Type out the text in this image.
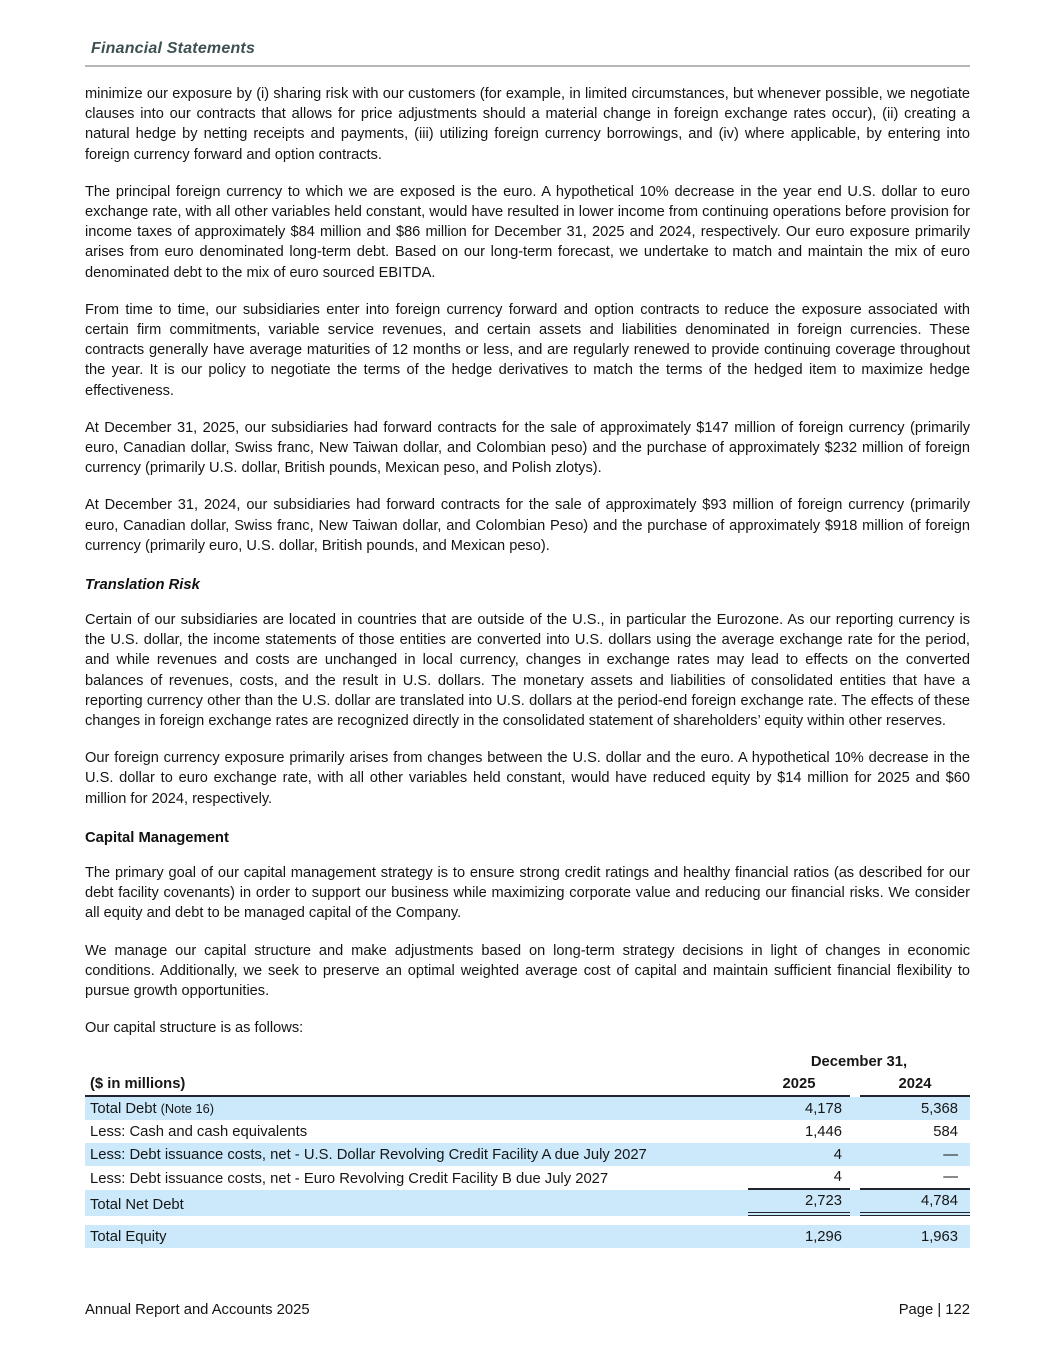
Financial Statements

minimize our exposure by (i) sharing risk with our customers (for example, in limited circumstances, but whenever possible, we negotiate clauses into our contracts that allows for price adjustments should a material change in foreign exchange rates occur), (ii) creating a natural hedge by netting receipts and payments, (iii) utilizing foreign currency borrowings, and (iv) where applicable, by entering into foreign currency forward and option contracts.

The principal foreign currency to which we are exposed is the euro. A hypothetical 10% decrease in the year end U.S. dollar to euro exchange rate, with all other variables held constant, would have resulted in lower income from continuing operations before provision for income taxes of approximately $84 million and $86 million for December 31, 2025 and 2024, respectively. Our euro exposure primarily arises from euro denominated long-term debt. Based on our long-term forecast, we undertake to match and maintain the mix of euro denominated debt to the mix of euro sourced EBITDA.

From time to time, our subsidiaries enter into foreign currency forward and option contracts to reduce the exposure associated with certain firm commitments, variable service revenues, and certain assets and liabilities denominated in foreign currencies. These contracts generally have average maturities of 12 months or less, and are regularly renewed to provide continuing coverage throughout the year. It is our policy to negotiate the terms of the hedge derivatives to match the terms of the hedged item to maximize hedge effectiveness.

At December 31, 2025, our subsidiaries had forward contracts for the sale of approximately $147 million of foreign currency (primarily euro, Canadian dollar, Swiss franc, New Taiwan dollar, and Colombian peso) and the purchase of approximately $232 million of foreign currency (primarily U.S. dollar, British pounds, Mexican peso, and Polish zlotys).

At December 31, 2024, our subsidiaries had forward contracts for the sale of approximately $93 million of foreign currency (primarily euro, Canadian dollar, Swiss franc, New Taiwan dollar, and Colombian Peso) and the purchase of approximately $918 million of foreign currency (primarily euro, U.S. dollar, British pounds, and Mexican peso).

Translation Risk

Certain of our subsidiaries are located in countries that are outside of the U.S., in particular the Eurozone. As our reporting currency is the U.S. dollar, the income statements of those entities are converted into U.S. dollars using the average exchange rate for the period, and while revenues and costs are unchanged in local currency, changes in exchange rates may lead to effects on the converted balances of revenues, costs, and the result in U.S. dollars. The monetary assets and liabilities of consolidated entities that have a reporting currency other than the U.S. dollar are translated into U.S. dollars at the period-end foreign exchange rate. The effects of these changes in foreign exchange rates are recognized directly in the consolidated statement of shareholders’ equity within other reserves.

Our foreign currency exposure primarily arises from changes between the U.S. dollar and the euro. A hypothetical 10% decrease in the U.S. dollar to euro exchange rate, with all other variables held constant, would have reduced equity by $14 million for 2025 and $60 million for 2024, respectively.

Capital Management

The primary goal of our capital management strategy is to ensure strong credit ratings and healthy financial ratios (as described for our debt facility covenants) in order to support our business while maximizing corporate value and reducing our financial risks. We consider all equity and debt to be managed capital of the Company.

We manage our capital structure and make adjustments based on long-term strategy decisions in light of changes in economic conditions. Additionally, we seek to preserve an optimal weighted average cost of capital and maintain sufficient financial flexibility to pursue growth opportunities.

Our capital structure is as follows:

December 31,
($ in millions)	2025	2024
Total Debt (Note 16)	4,178	5,368
Less: Cash and cash equivalents	1,446	584
Less: Debt issuance costs, net - U.S. Dollar Revolving Credit Facility A due July 2027	4	—
Less: Debt issuance costs, net - Euro Revolving Credit Facility B due July 2027	4	—
Total Net Debt	2,723	4,784
Total Equity	1,296	1,963
Annual Report and Accounts 2025	Page | 122
